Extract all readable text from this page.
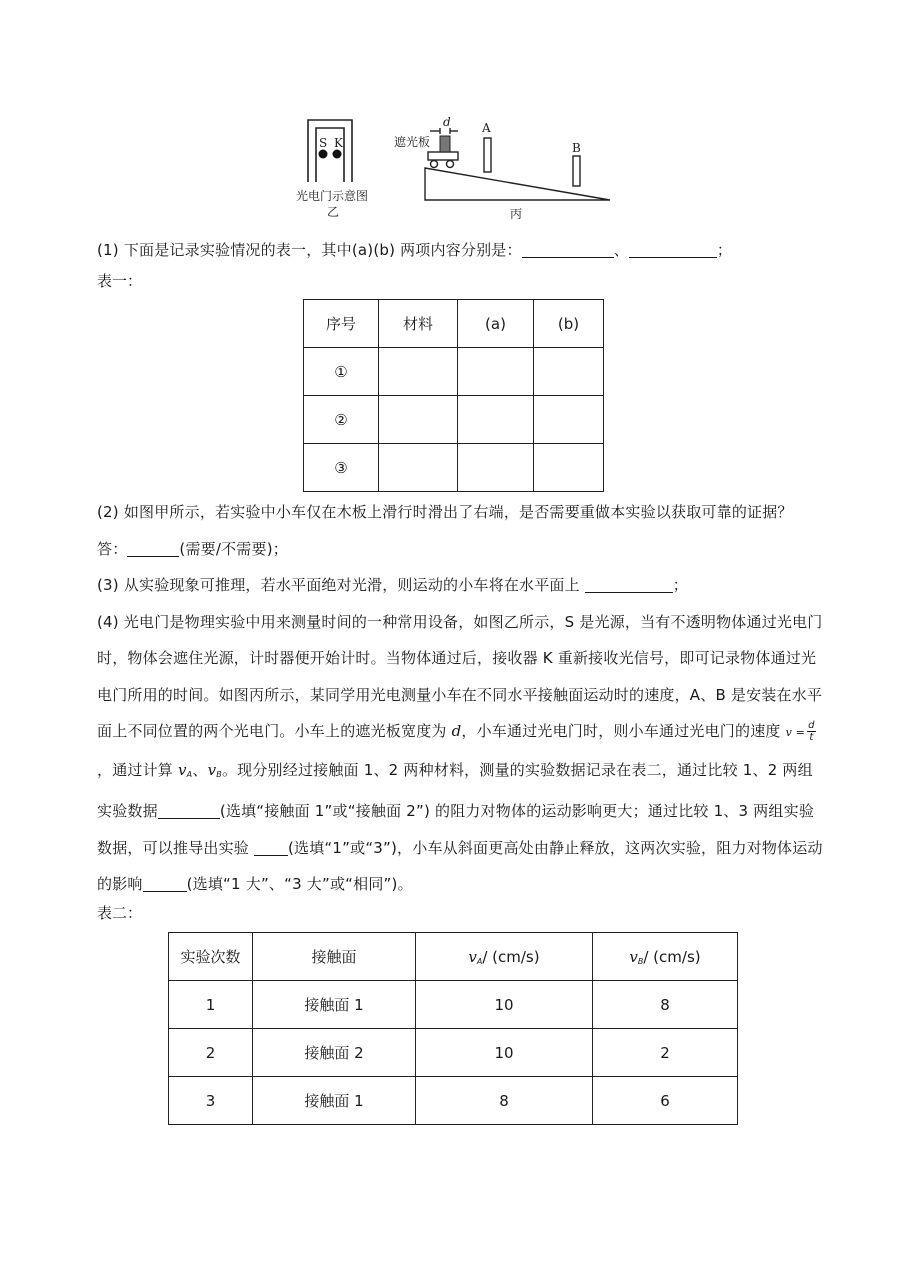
S K
光电门示意图
乙
遮光板
d	A
B
丙
(1) 下面是记录实验情况的表一，其中(a)(b) 两项内容分别是：	、	；
表一：
序号	材料	(a)	(b)
①			
②			
③			
(2) 如图甲所示，若实验中小车仅在木板上滑行时滑出了右端，是否需要重做本实验以获取可靠的证据？
答：	(需要/不需要)；
(3) 从实验现象可推理，若水平面绝对光滑，则运动的小车将在水平面上	；
(4) 光电门是物理实验中用来测量时间的一种常用设备，如图乙所示，S 是光源，当有不透明物体通过光电门时，物体会遮住光源，计时器便开始计时。当物体通过后，接收器 K 重新接收光信号，即可记录物体通过光电门所用的时间。如图丙所示，某同学用光电测量小车在不同水平接触面运动时的速度，A、B 是安装在水平面上不同位置的两个光电门。小车上的遮光板宽度为 d，小车通过光电门时，则小车通过光电门的速度 $v = \frac{d}{t}$
，通过计算 $v_A$、$v_B$。现分别经过接触面 1、2 两种材料，测量的实验数据记录在表二，通过比较 1、2 两组实验数据	(选填“接触面 1”或“接触面 2”) 的阻力对物体的运动影响更大；通过比较 1、3 两组实验数据，可以推导出实验	(选填“1”或“3”)，小车从斜面更高处由静止释放，这两次实验，阻力对物体运动的影响	(选填“1 大”、“3 大”或“相同”)。
表二：
实验次数	接触面	$v_A/$ (cm/s)	$v_B/$ (cm/s)
1	接触面 1	10	8
2	接触面 2	10	2
3	接触面 1	8	6
